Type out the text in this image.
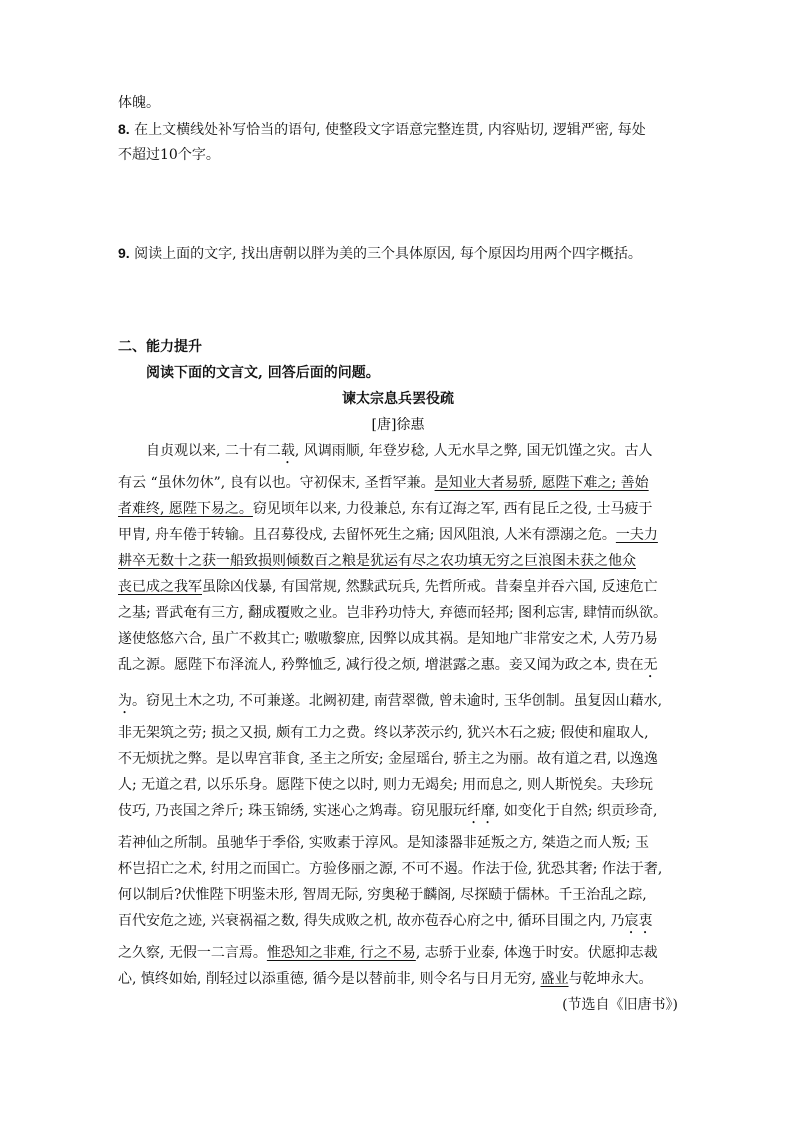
体魄。
8. 在上文横线处补写恰当的语句, 使整段文字语意完整连贯, 内容贴切, 逻辑严密, 每处
不超过10个字。
9. 阅读上面的文字, 找出唐朝以胖为美的三个具体原因, 每个原因均用两个四字概括。
二、能力提升
阅读下面的文言文, 回答后面的问题。
谏太宗息兵罢役疏
[唐]徐惠
自贞观以来, 二十有二载, 风调雨顺, 年登岁稔, 人无水旱之弊, 国无饥馑之灾。古人
有云 “虽休勿休”, 良有以也。守初保末, 圣哲罕兼。是知业大者易骄, 愿陛下难之; 善始
者难终, 愿陛下易之。窃见顷年以来, 力役兼总, 东有辽海之军, 西有昆丘之役, 士马疲于
甲胄, 舟车倦于转输。且召募役戍, 去留怀死生之痛; 因风阻浪, 人米有漂溺之危。一夫力
耕卒无数十之获一船致损则倾数百之粮是犹运有尽之农功填无穷之巨浪图未获之他众
丧已成之我军虽除凶伐暴, 有国常规, 然黩武玩兵, 先哲所戒。昔秦皇并吞六国, 反速危亡
之基; 晋武奄有三方, 翻成覆败之业。岂非矜功恃大, 弃德而轻邦; 图利忘害, 肆情而纵欲。
遂使悠悠六合, 虽广不救其亡; 嗷嗷黎庶, 因弊以成其祸。是知地广非常安之术, 人劳乃易
乱之源。愿陛下布泽流人, 矜弊恤乏, 减行役之烦, 增湛露之惠。妾又闻为政之本, 贵在无
为。窃见土木之功, 不可兼遂。北阙初建, 南营翠微, 曾未逾时, 玉华创制。虽复因山藉水,
非无架筑之劳; 损之又损, 颇有工力之费。终以茅茨示约, 犹兴木石之疲; 假使和雇取人,
不无烦扰之弊。是以卑宫菲食, 圣主之所安; 金屋瑶台, 骄主之为丽。故有道之君, 以逸逸
人; 无道之君, 以乐乐身。愿陛下使之以时, 则力无竭矣; 用而息之, 则人斯悦矣。夫珍玩
伎巧, 乃丧国之斧斤; 珠玉锦绣, 实迷心之鸩毒。窃见服玩纤靡, 如变化于自然; 织贡珍奇,
若神仙之所制。虽驰华于季俗, 实败素于淳风。是知漆器非延叛之方, 桀造之而人叛; 玉
杯岂招亡之术, 纣用之而国亡。方验侈丽之源, 不可不遏。作法于俭, 犹恐其奢; 作法于奢,
何以制后?伏惟陛下明鉴未形, 智周无际, 穷奥秘于麟阁, 尽探赜于儒林。千王治乱之踪,
百代安危之迹, 兴衰祸福之数, 得失成败之机, 故亦苞吞心府之中, 循环目围之内, 乃宸衷
之久察, 无假一二言焉。惟恐知之非难, 行之不易, 志骄于业泰, 体逸于时安。伏愿抑志裁
心, 慎终如始, 削轻过以添重德, 循今是以替前非, 则令名与日月无穷, 盛业与乾坤永大。
(节选自《旧唐书》)
